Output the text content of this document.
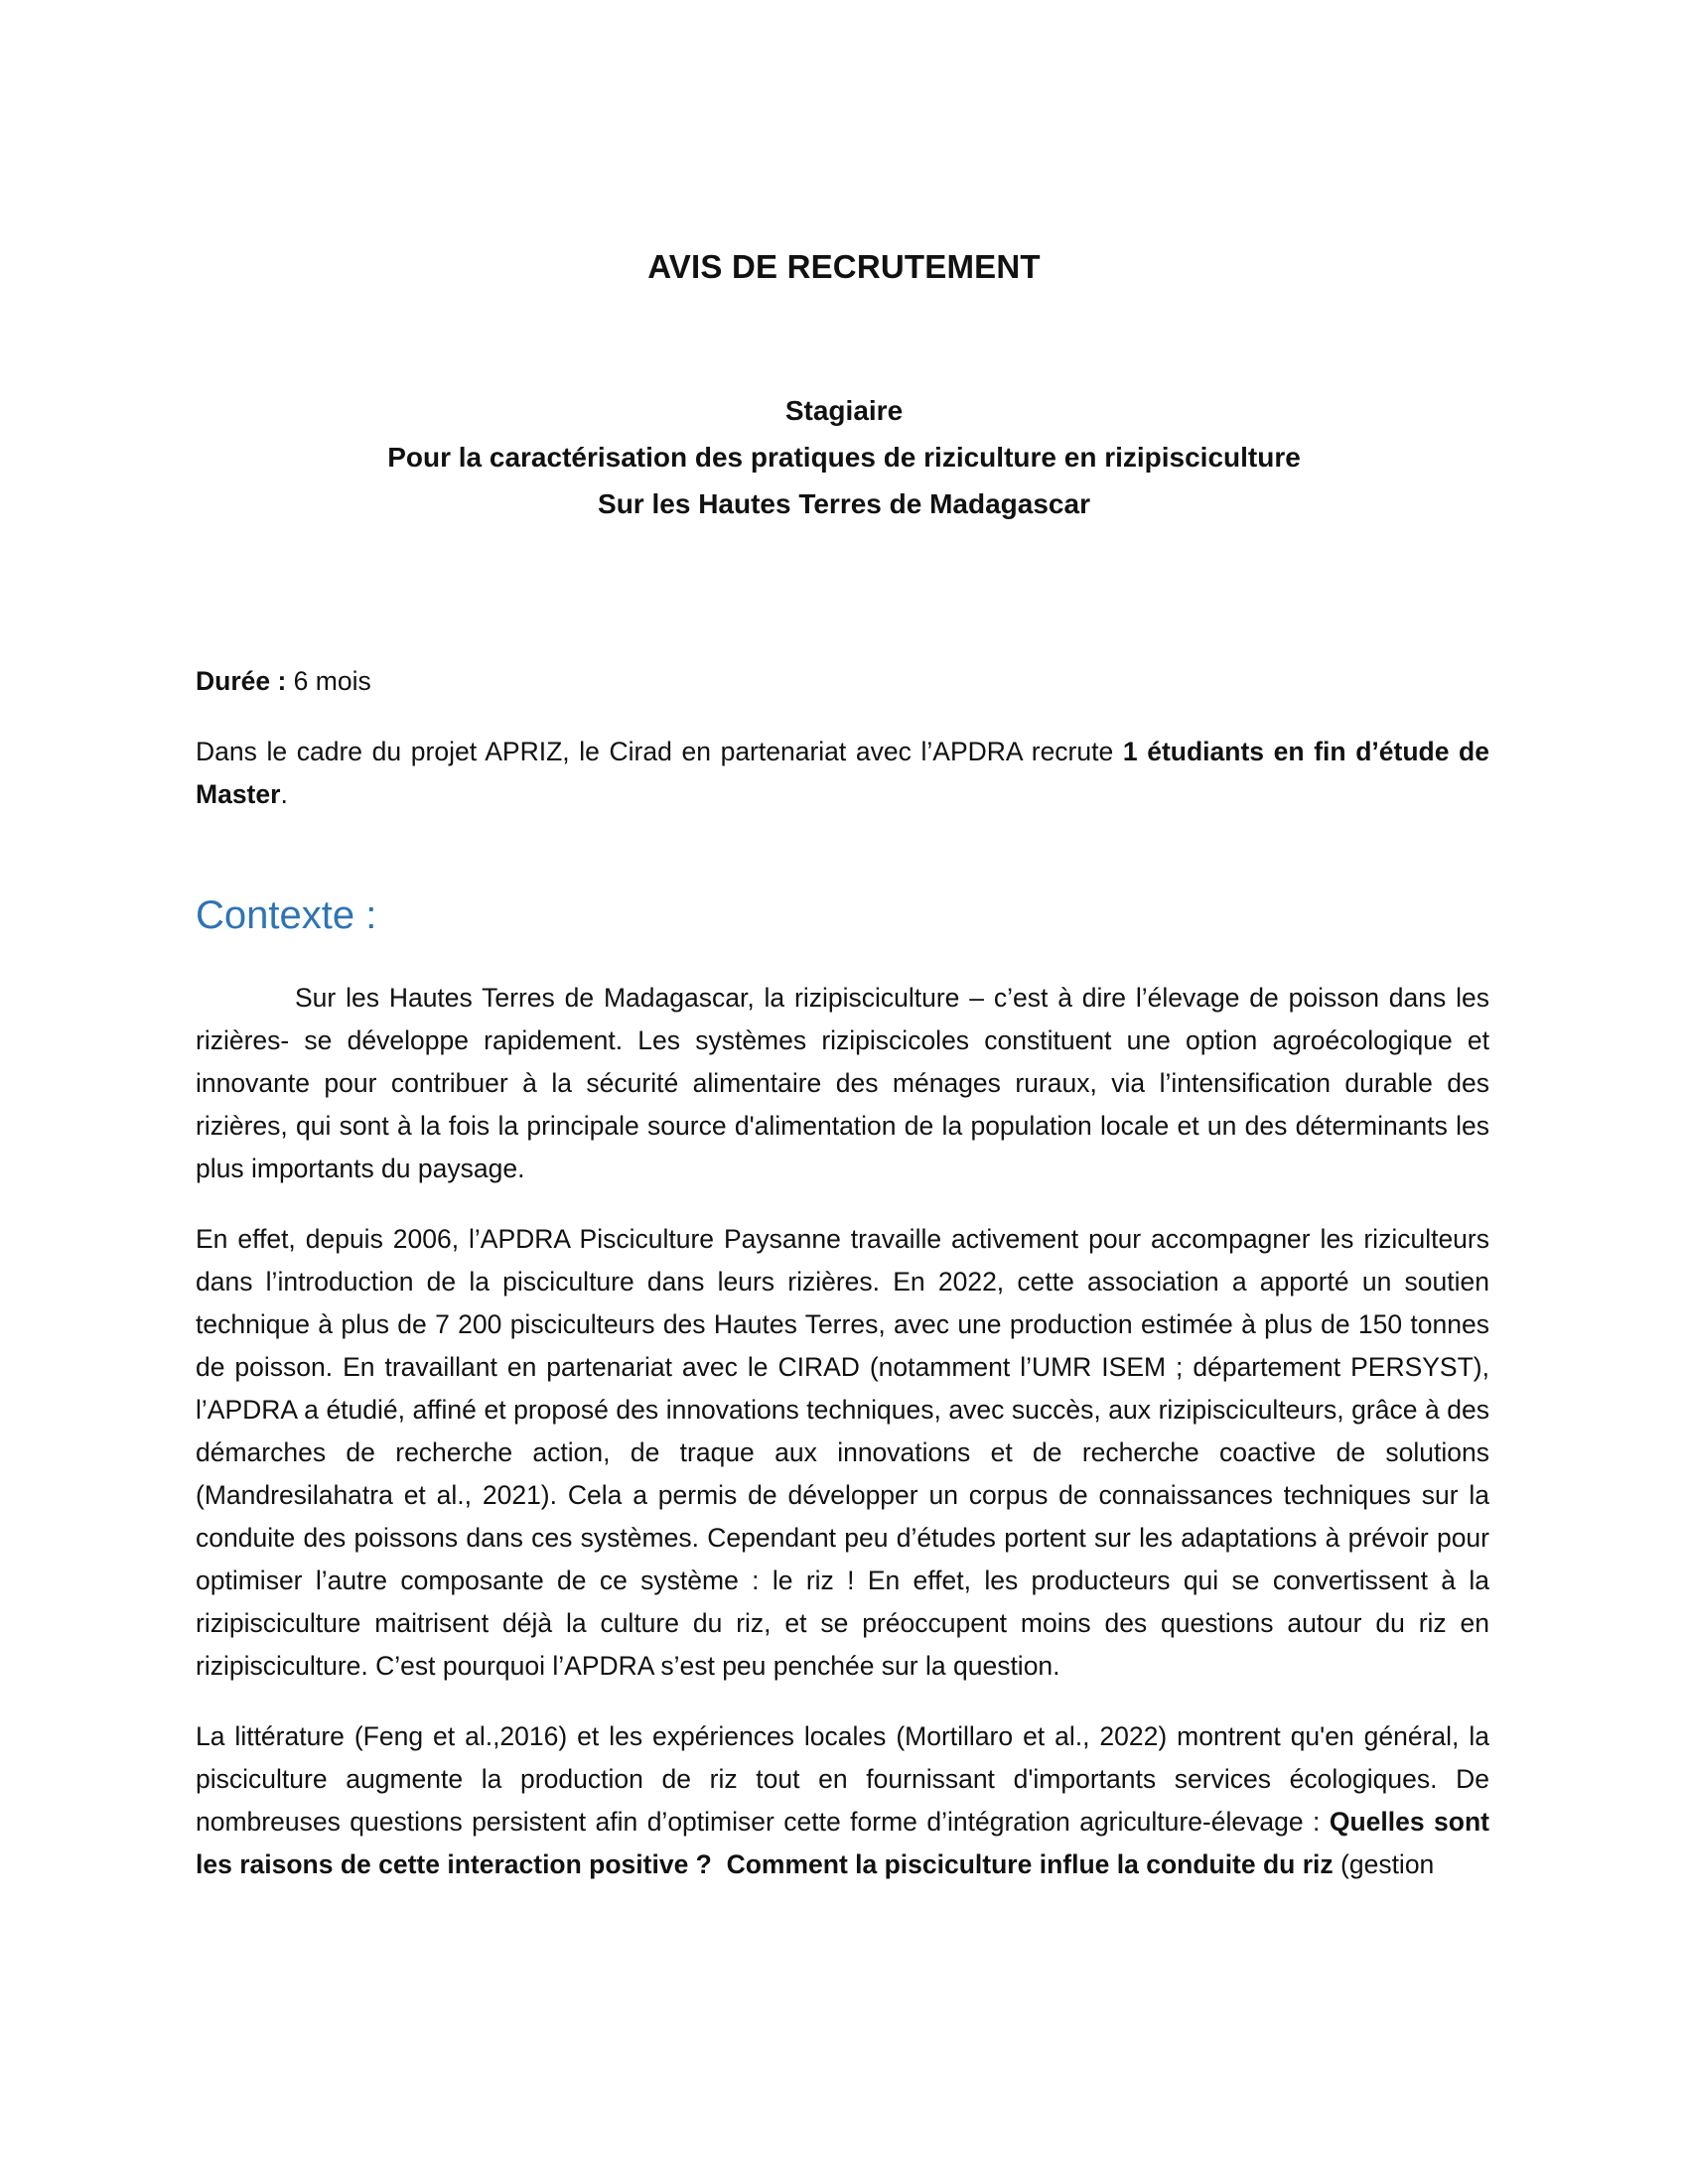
AVIS DE RECRUTEMENT
Stagiaire
Pour la caractérisation des pratiques de riziculture en rizipisciculture
Sur les Hautes Terres de Madagascar

Durée : 6 mois

Dans le cadre du projet APRIZ, le Cirad en partenariat avec l’APDRA recrute 1 étudiants en fin d’étude de Master.

Contexte :

Sur les Hautes Terres de Madagascar, la rizipisciculture – c’est à dire l’élevage de poisson dans les rizières- se développe rapidement. Les systèmes rizipiscicoles constituent une option agroécologique et innovante pour contribuer à la sécurité alimentaire des ménages ruraux, via l’intensification durable des rizières, qui sont à la fois la principale source d'alimentation de la population locale et un des déterminants les plus importants du paysage.

En effet, depuis 2006, l’APDRA Pisciculture Paysanne travaille activement pour accompagner les riziculteurs dans l’introduction de la pisciculture dans leurs rizières. En 2022, cette association a apporté un soutien technique à plus de 7 200 pisciculteurs des Hautes Terres, avec une production estimée à plus de 150 tonnes de poisson. En travaillant en partenariat avec le CIRAD (notamment l’UMR ISEM ; département PERSYST), l’APDRA a étudié, affiné et proposé des innovations techniques, avec succès, aux rizipisciculteurs, grâce à des démarches de recherche action, de traque aux innovations et de recherche coactive de solutions (Mandresilahatra et al., 2021). Cela a permis de développer un corpus de connaissances techniques sur la conduite des poissons dans ces systèmes. Cependant peu d’études portent sur les adaptations à prévoir pour optimiser l’autre composante de ce système : le riz ! En effet, les producteurs qui se convertissent à la rizipisciculture maitrisent déjà la culture du riz, et se préoccupent moins des questions autour du riz en rizipisciculture. C’est pourquoi l’APDRA s’est peu penchée sur la question.

La littérature (Feng et al.,2016) et les expériences locales (Mortillaro et al., 2022) montrent qu'en général, la pisciculture augmente la production de riz tout en fournissant d'importants services écologiques. De nombreuses questions persistent afin d’optimiser cette forme d’intégration agriculture-élevage : Quelles sont les raisons de cette interaction positive ? Comment la pisciculture influe la conduite du riz (gestion
